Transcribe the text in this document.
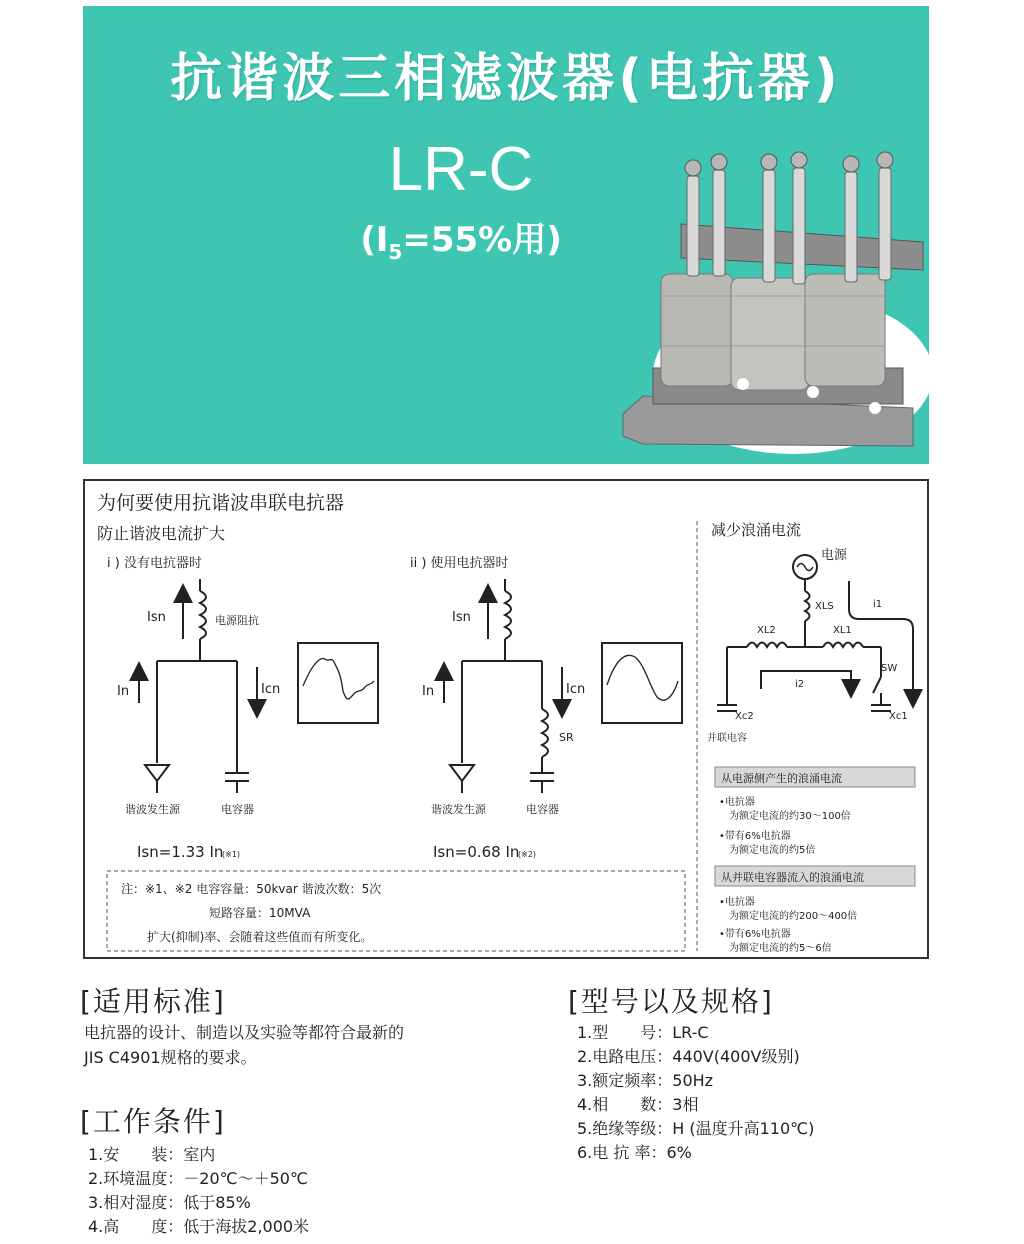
抗谐波三相滤波器(电抗器)
LR-C
($I_5=55\%$用)
为何要使用抗谐波串联电抗器
防止谐波电流扩大
i ) 没有电抗器时	ii ) 使用电抗器时
Isn	电源阻抗
In	Icn
谐波发生源	电容器
Isn=1.33 In
(※1)
Isn
In	Icn
SR
谐波发生源	电容器
Isn=0.68 In
(※2)
注：※1、※2 电容容量：50kvar 谐波次数：5次
短路容量：10MVA
扩大(抑制)率、会随着这些值而有所变化。
减少浪涌电流
电源
XLS
XL2	XL1
i1
i2
SW
Xc2	Xc1
并联电容
从电源侧产生的浪涌电流
•电抗器
为额定电流的约30～100倍
•带有6%电抗器
为额定电流的约5倍
从并联电容器流入的浪涌电流
•电抗器
为额定电流的约200～400倍
•带有6%电抗器
为额定电流的约5～6倍
[适用标准]
电抗器的设计、制造以及实验等都符合最新的
JIS C4901规格的要求。
[工作条件]
1.安　　装：室内
2.环境温度：－20℃～＋50℃
3.相对湿度：低于85%
4.高　　度：低于海拔2,000米
[型号以及规格]
1.型　　号：LR-C
2.电路电压：440V(400V级别)
3.额定频率：50Hz
4.相　　数：3相
5.绝缘等级：H (温度升高110℃)
6.电 抗 率：6%
